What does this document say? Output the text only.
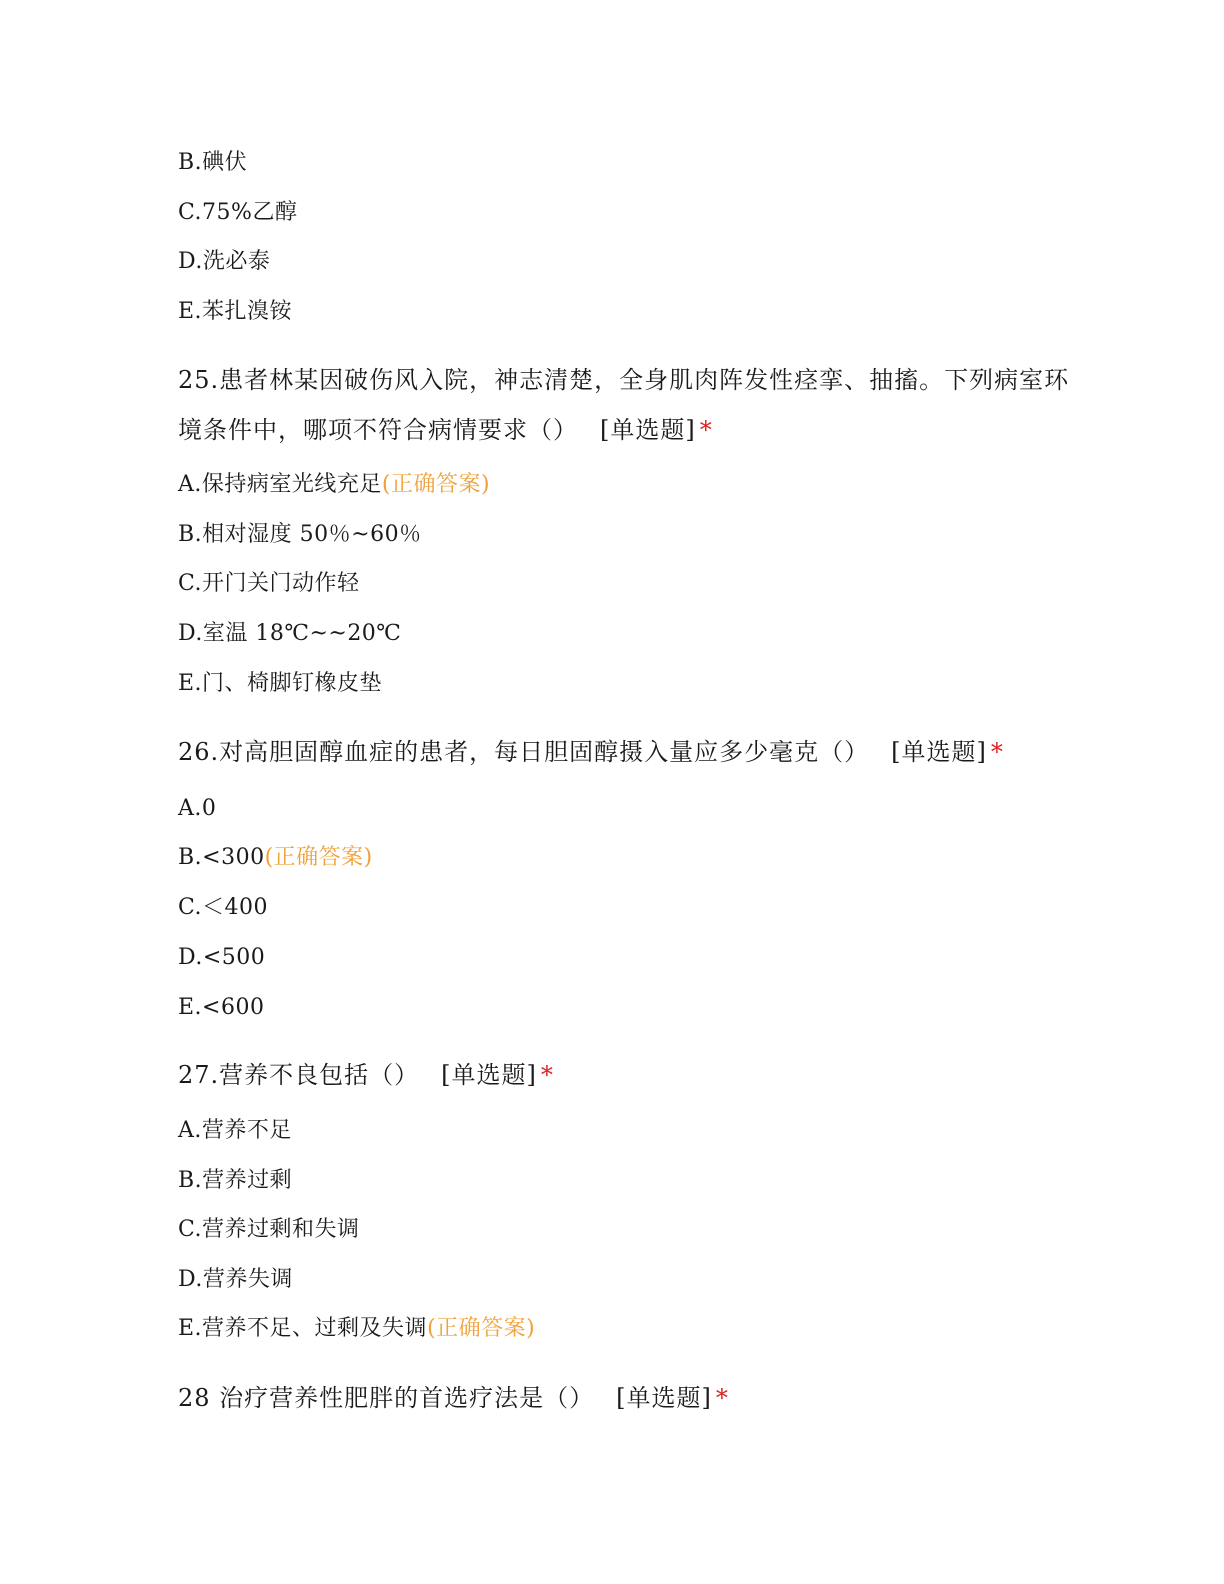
B.碘伏
C.75%乙醇
D.洗必泰
E.苯扎溴铵
25.患者林某因破伤风入院，神志清楚，全身肌肉阵发性痉挛、抽搐。下列病室环
境条件中，哪项不符合病情要求（） [单选题] *
A.保持病室光线充足(正确答案)
B.相对湿度 50％~60％
C.开门关门动作轻
D.室温 18℃~~20℃
E.门、椅脚钉橡皮垫
26.对高胆固醇血症的患者，每日胆固醇摄入量应多少毫克（） [单选题] *
A.0
B.<300(正确答案)
C.＜400
D.<500
E.<600
27.营养不良包括（） [单选题] *
A.营养不足
B.营养过剩
C.营养过剩和失调
D.营养失调
E.营养不足、过剩及失调(正确答案)
28 治疗营养性肥胖的首选疗法是（） [单选题] *
